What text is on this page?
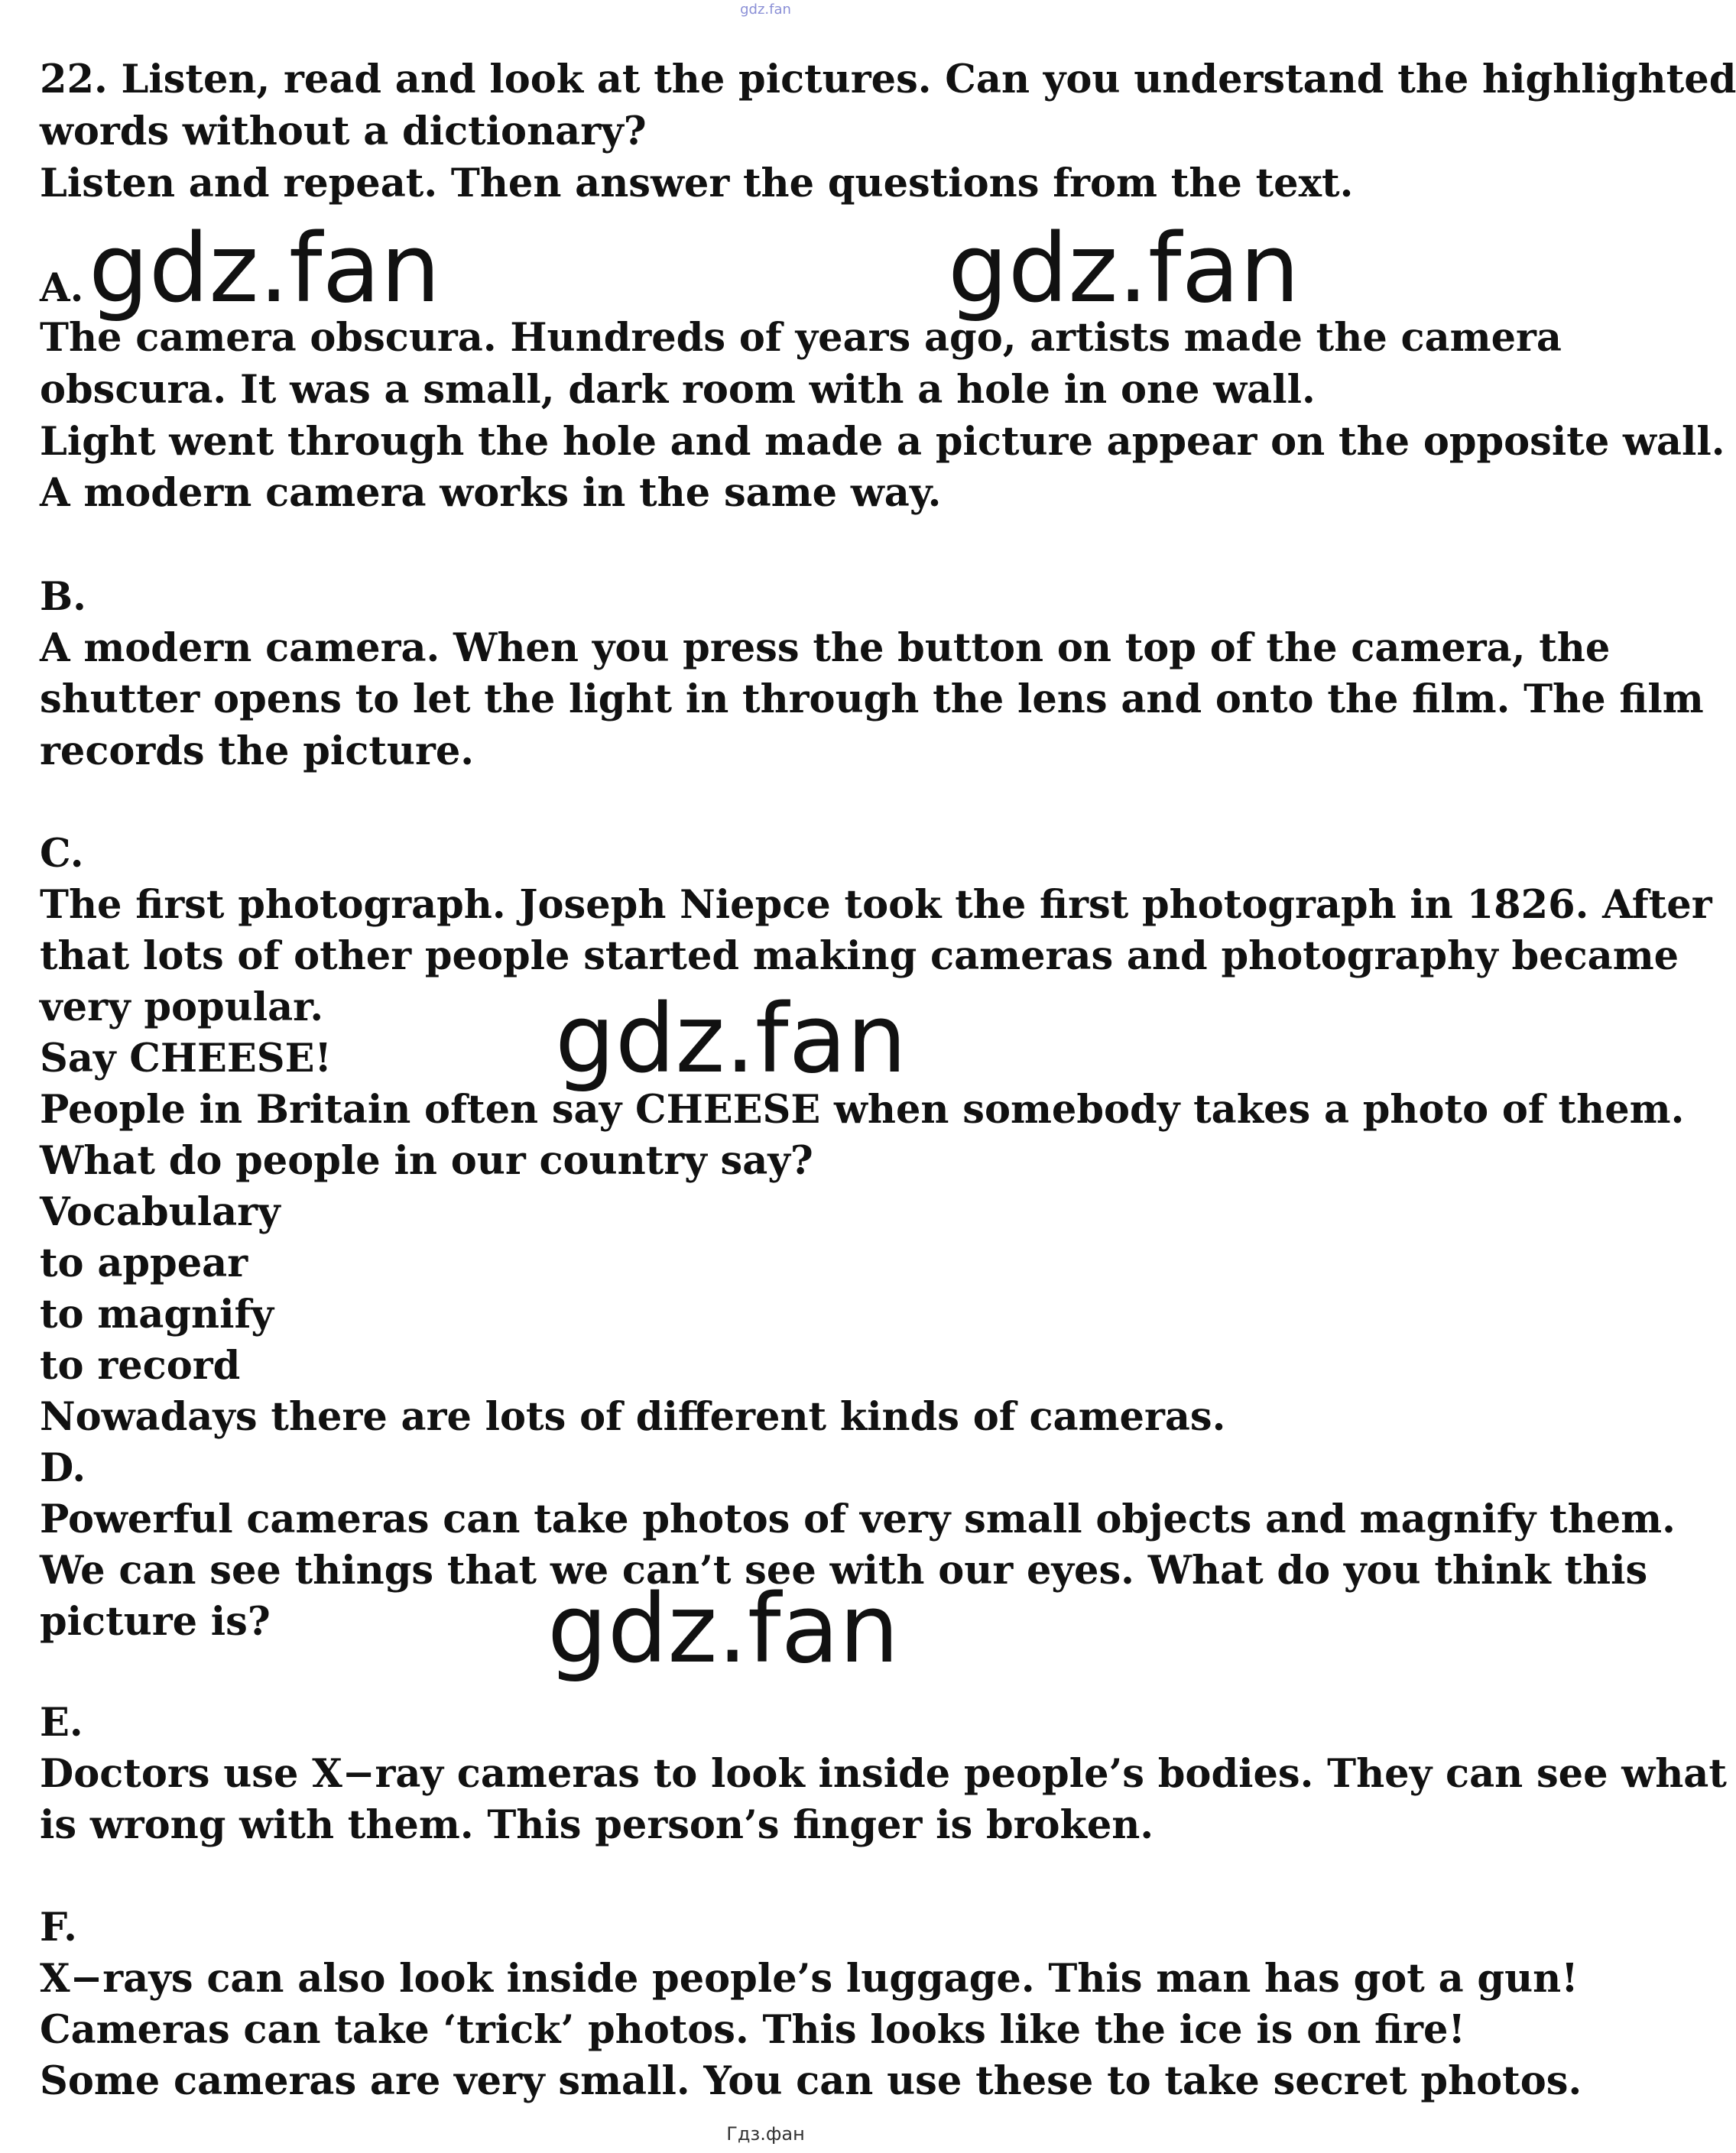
gdz.fan
22. Listen, read and look at the pictures. Can you understand the highlighted
words without a dictionary?
Listen and repeat. Then answer the questions from the text.
A. gdz.fan	gdz.fan
The camera obscura. Hundreds of years ago, artists made the camera
obscura. It was a small, dark room with a hole in one wall.
Light went through the hole and made a picture appear on the opposite wall.
A modern camera works in the same way.
B.
A modern camera. When you press the button on top of the camera, the
shutter opens to let the light in through the lens and onto the film. The film
records the picture.
C.
The first photograph. Joseph Niepce took the first photograph in 1826. After
that lots of other people started making cameras and photography became
very popular. gdz.fan
Say CHEESE!
People in Britain often say CHEESE when somebody takes a photo of them.
What do people in our country say?
Vocabulary
to appear
to magnify
to record
Nowadays there are lots of different kinds of cameras.
D.
Powerful cameras can take photos of very small objects and magnify them.
We can see things that we can’t see with our eyes. What do you think this
picture is?	gdz.fan
E.
Doctors use X−ray cameras to look inside people’s bodies. They can see what
is wrong with them. This person’s finger is broken.
F.
X−rays can also look inside people’s luggage. This man has got a gun!
Cameras can take ‘trick’ photos. This looks like the ice is on fire!
Some cameras are very small. You can use these to take secret photos.
Гдз.фан
